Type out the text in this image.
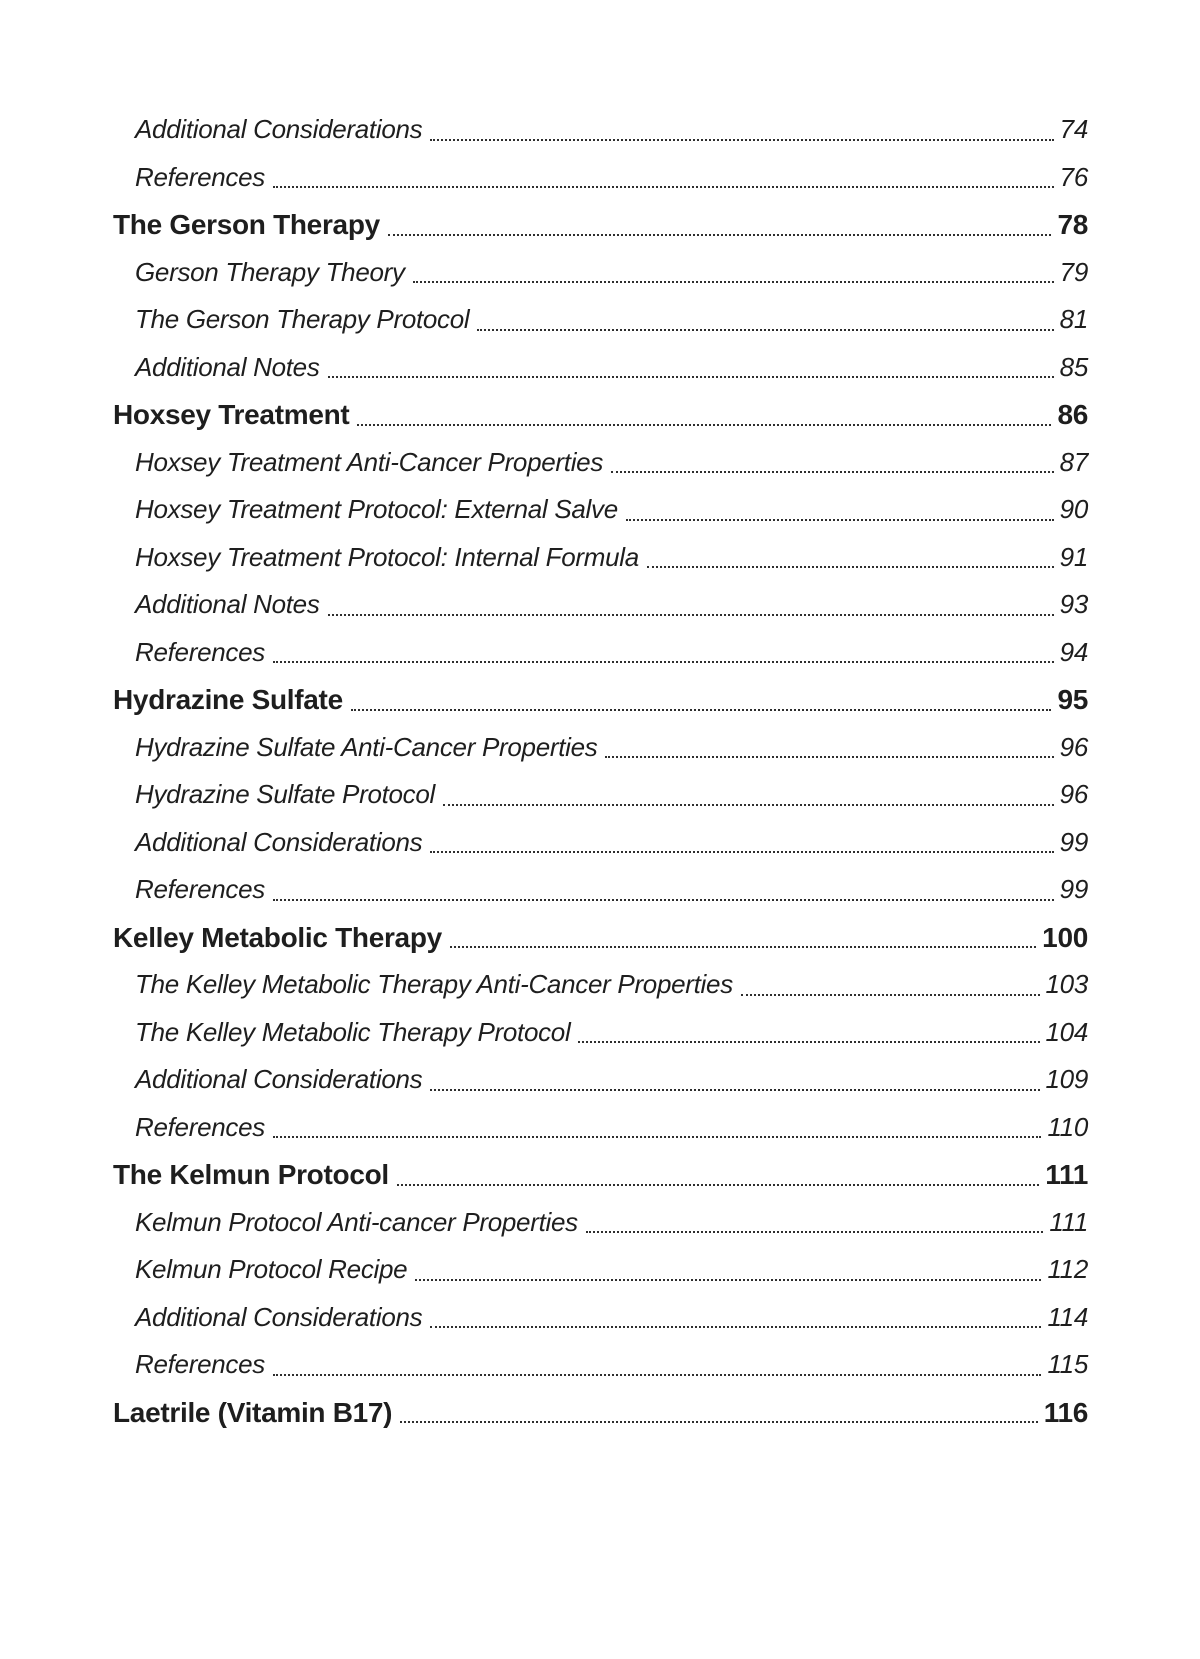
Additional Considerations	74
References	76
The Gerson Therapy	78
Gerson Therapy Theory	79
The Gerson Therapy Protocol	81
Additional Notes	85
Hoxsey Treatment	86
Hoxsey Treatment Anti-Cancer Properties	87
Hoxsey Treatment Protocol: External Salve	90
Hoxsey Treatment Protocol: Internal Formula	91
Additional Notes	93
References	94
Hydrazine Sulfate	95
Hydrazine Sulfate Anti-Cancer Properties	96
Hydrazine Sulfate Protocol	96
Additional Considerations	99
References	99
Kelley Metabolic Therapy	100
The Kelley Metabolic Therapy Anti-Cancer Properties	103
The Kelley Metabolic Therapy Protocol	104
Additional Considerations	109
References	110
The Kelmun Protocol	111
Kelmun Protocol Anti-cancer Properties	111
Kelmun Protocol Recipe	112
Additional Considerations	114
References	115
Laetrile (Vitamin B17)	116
